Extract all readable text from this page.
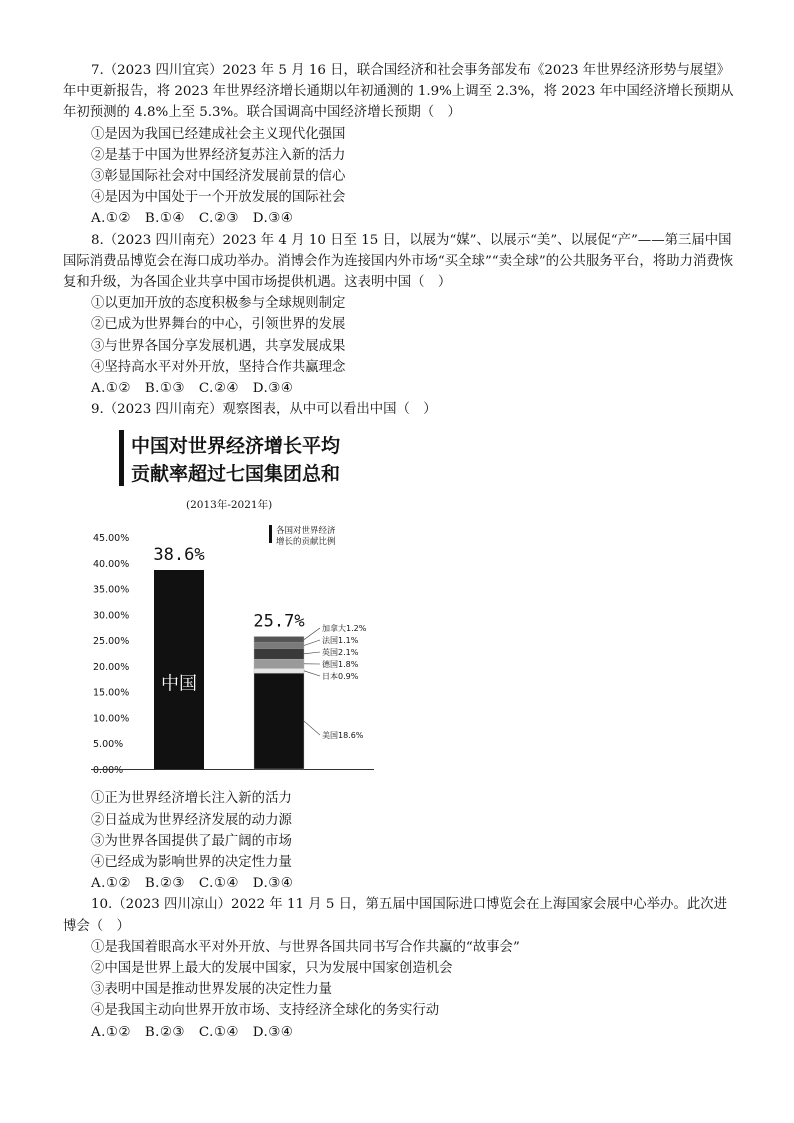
7.（2023 四川宜宾）2023 年 5 月 16 日，联合国经济和社会事务部发布《2023 年世界经济形势与展望》年中更新报告，将 2023 年世界经济增长通期以年初通测的 1.9%上调至 2.3%，将 2023 年中国经济增长预期从年初预测的 4.8%上至 5.3%。联合国调高中国经济增长预期（　）

①是因为我国已经建成社会主义现代化强国

②是基于中国为世界经济复苏注入新的活力

③彰显国际社会对中国经济发展前景的信心

④是因为中国处于一个开放发展的国际社会

A.①②　B.①④　C.②③　D.③④

8.（2023 四川南充）2023 年 4 月 10 日至 15 日，以展为“媒”、以展示“美”、以展促“产”——第三届中国国际消费品博览会在海口成功举办。消博会作为连接国内外市场“买全球”“卖全球”的公共服务平台，将助力消费恢复和升级，为各国企业共享中国市场提供机遇。这表明中国（　）

①以更加开放的态度积极参与全球规则制定

②已成为世界舞台的中心，引领世界的发展

③与世界各国分享发展机遇，共享发展成果

④坚持高水平对外开放，坚持合作共赢理念

A.①②　B.①③　C.②④　D.③④

9.（2023 四川南充）观察图表，从中可以看出中国（　）

中国对世界经济增长平均
贡献率超过七国集团总和
(2013年-2021年)
各国对世界经济
增长的贡献比例
0.00%
5.00%
10.00%
15.00%
20.00%
25.00%
30.00%
35.00%
40.00%
45.00%
38.6%
中国
25.7%
美国18.6%
日本0.9%
德国1.8%
英国2.1%
法国1.1%
加拿大1.2%

①正为世界经济增长注入新的活力

②日益成为世界经济发展的动力源

③为世界各国提供了最广阔的市场

④已经成为影响世界的决定性力量

A.①②　B.②③　C.①④　D.③④

10.（2023 四川凉山）2022 年 11 月 5 日，第五届中国国际进口博览会在上海国家会展中心举办。此次进博会（　）

①是我国着眼高水平对外开放、与世界各国共同书写合作共赢的“故事会”

②中国是世界上最大的发展中国家，只为发展中国家创造机会

③表明中国是推动世界发展的决定性力量

④是我国主动向世界开放市场、支持经济全球化的务实行动

A.①②　B.②③　C.①④　D.③④
